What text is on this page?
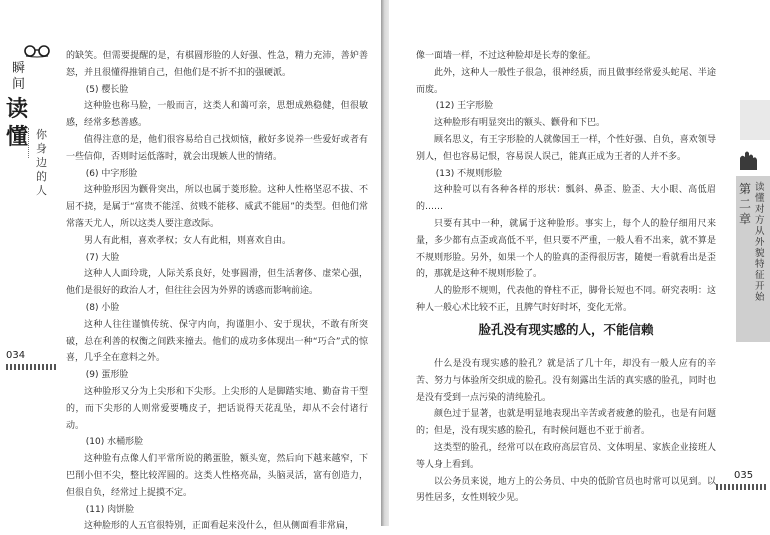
瞬
间
读
懂 你身边的人
034

的缺笑。但需要提醒的是，有棋圆形脸的人好强、性急，精力充沛，善妒善怒，并且很懂得推销自己，但他们是不折不扣的强硬派。

(5) 樱长脸

这种脸也称马脸，一般而言，这类人和蔼可亲，思想成熟稳健，但很敏感，经常多愁善感。

值得注意的是，他们很容易给自己找烦恼，敝好多说养一些爱好或者有一些信仰，否则时运低落时，就会出现嫉人世的情绪。

(6) 中字形脸

这种脸形因为颧骨突出，所以也属于菱形脸。这种人性格坚忍不拔、不屈不挠，是属于“富贵不能淫、贫贱不能移、威武不能屈”的类型。但他们常常落天尤人，所以这类人要注意改际。

男人有此相，喜欢孝权；女人有此相，则喜欢自由。

(7) 大脸

这种人人面玲珑，人际关系良好，处事圆滑，但生活奢侈、虚荣心强，他们是很好的政治人才，但往往会因为外界的诱惑而影响前途。

(8) 小脸

这种人往往谨慎传统、保守内向，拘谨胆小、安于现状，不敢有所突破，总在利善的权衡之间跌来撞去。他们的成功多体现出一种“巧合”式的惊喜，几乎全在意料之外。

(9) 蛋形脸

这种脸形又分为上尖形和下尖形。上尖形的人是脚踏实地、勤奋肯干型的，而下尖形的人则常爱要嘴皮子，把话说得天花乱坠，却从不会付诸行动。

(10) 水桶形脸

这种脸有点像人们平常所说的鹅蛋脸，额头宽，然后向下越来越窄，下巴削小但不尖，整比较浑圆的。这类人性格亮晶，头脑灵活，富有创造力，但很自负，经常过上捉摸不定。

(11) 肉饼脸

这种脸形的人五官很特别，正面看起来没什么，但从侧面看非常扁，

像一面墙一样，不过这种脸却是长寿的象征。

此外，这种人一般性子很急，很神经质，而且做事经常爱头蛇尾、半途而废。

(12) 王字形脸

这种脸形有明显突出的额头、颧骨和下巴。

顾名思义，有王字形脸的人就像国王一样，个性好强、自负，喜欢领导别人，但也容易记恨，容易误人误己，能真正成为王者的人并不多。

(13) 不规则形脸

这种脸可以有各种各样的形状：瓢斜、鼻歪、脸歪、大小眼、高低眉的……

只要有其中一种，就属于这种脸形。事实上，每个人的脸仔细用尺来量，多少都有点歪或高低不平，但只要不严重，一般人看不出来，就不算是不规则形脸。另外，如果一个人的脸真的歪得很厉害，随便一看就看出是歪的，那就是这种不规则形脸了。

人的脸形不规则，代表他的脊柱不正，脚骨长短也不同。研究表明：这种人一般心术比较不正，且脾气时好时坏，变化无常。

脸孔没有现实感的人，不能信赖

什么是没有现实感的脸孔？就是活了几十年，却没有一般人应有的辛苦、努力与体验所交织成的脸孔。没有刻露出生活的真实感的脸孔，同时也是没有受到一点污染的清纯脸孔。

颜色过于显著，也就是明显地表现出辛苦或者疲惫的脸孔，也是有问题的；但是，没有现实感的脸孔，有时候问题也不亚于前者。

这类型的脸孔，经常可以在政府高层官员、文体明星、家族企业接班人等人身上看到。

以公务员来说，地方上的公务员、中央的低阶官员也时常可以见到。以男性居多，女性则较少见。

第二章
读懂对方从外貌特征开始
035
